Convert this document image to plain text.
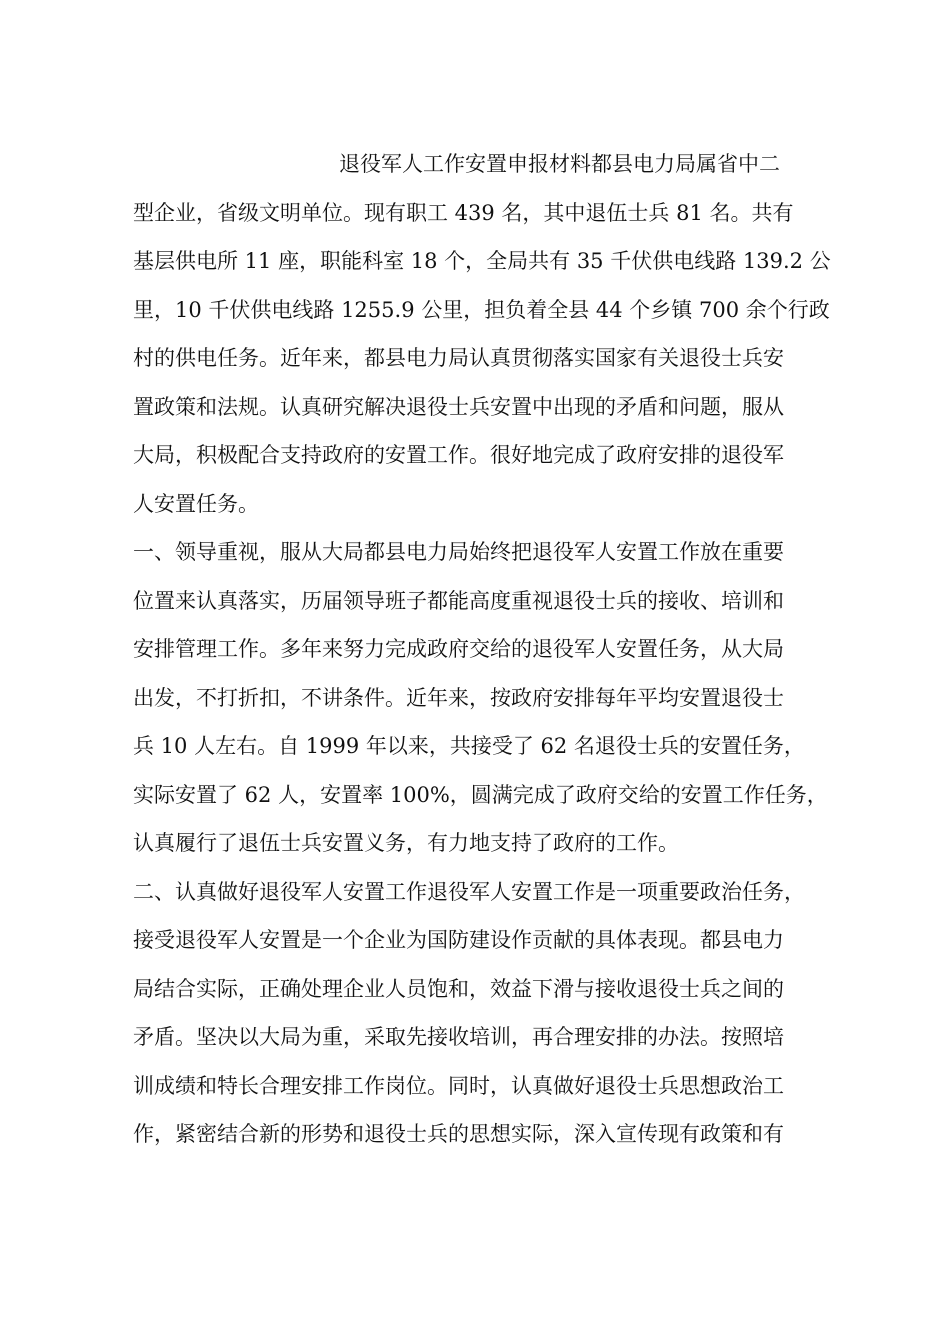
退役军人工作安置申报材料都县电力局属省中二
型企业，省级文明单位。现有职工 439 名，其中退伍士兵 81 名。共有
基层供电所 11 座，职能科室 18 个，全局共有 35 千伏供电线路 139.2 公
里，10 千伏供电线路 1255.9 公里，担负着全县 44 个乡镇 700 余个行政
村的供电任务。近年来，都县电力局认真贯彻落实国家有关退役士兵安
置政策和法规。认真研究解决退役士兵安置中出现的矛盾和问题，服从
大局，积极配合支持政府的安置工作。很好地完成了政府安排的退役军
人安置任务。
一、领导重视，服从大局都县电力局始终把退役军人安置工作放在重要
位置来认真落实，历届领导班子都能高度重视退役士兵的接收、培训和
安排管理工作。多年来努力完成政府交给的退役军人安置任务，从大局
出发，不打折扣，不讲条件。近年来，按政府安排每年平均安置退役士
兵 10 人左右。自 1999 年以来，共接受了 62 名退役士兵的安置任务，
实际安置了 62 人，安置率 100%，圆满完成了政府交给的安置工作任务，
认真履行了退伍士兵安置义务，有力地支持了政府的工作。
二、认真做好退役军人安置工作退役军人安置工作是一项重要政治任务，
接受退役军人安置是一个企业为国防建设作贡献的具体表现。都县电力
局结合实际，正确处理企业人员饱和，效益下滑与接收退役士兵之间的
矛盾。坚决以大局为重，采取先接收培训，再合理安排的办法。按照培
训成绩和特长合理安排工作岗位。同时，认真做好退役士兵思想政治工
作，紧密结合新的形势和退役士兵的思想实际，深入宣传现有政策和有
